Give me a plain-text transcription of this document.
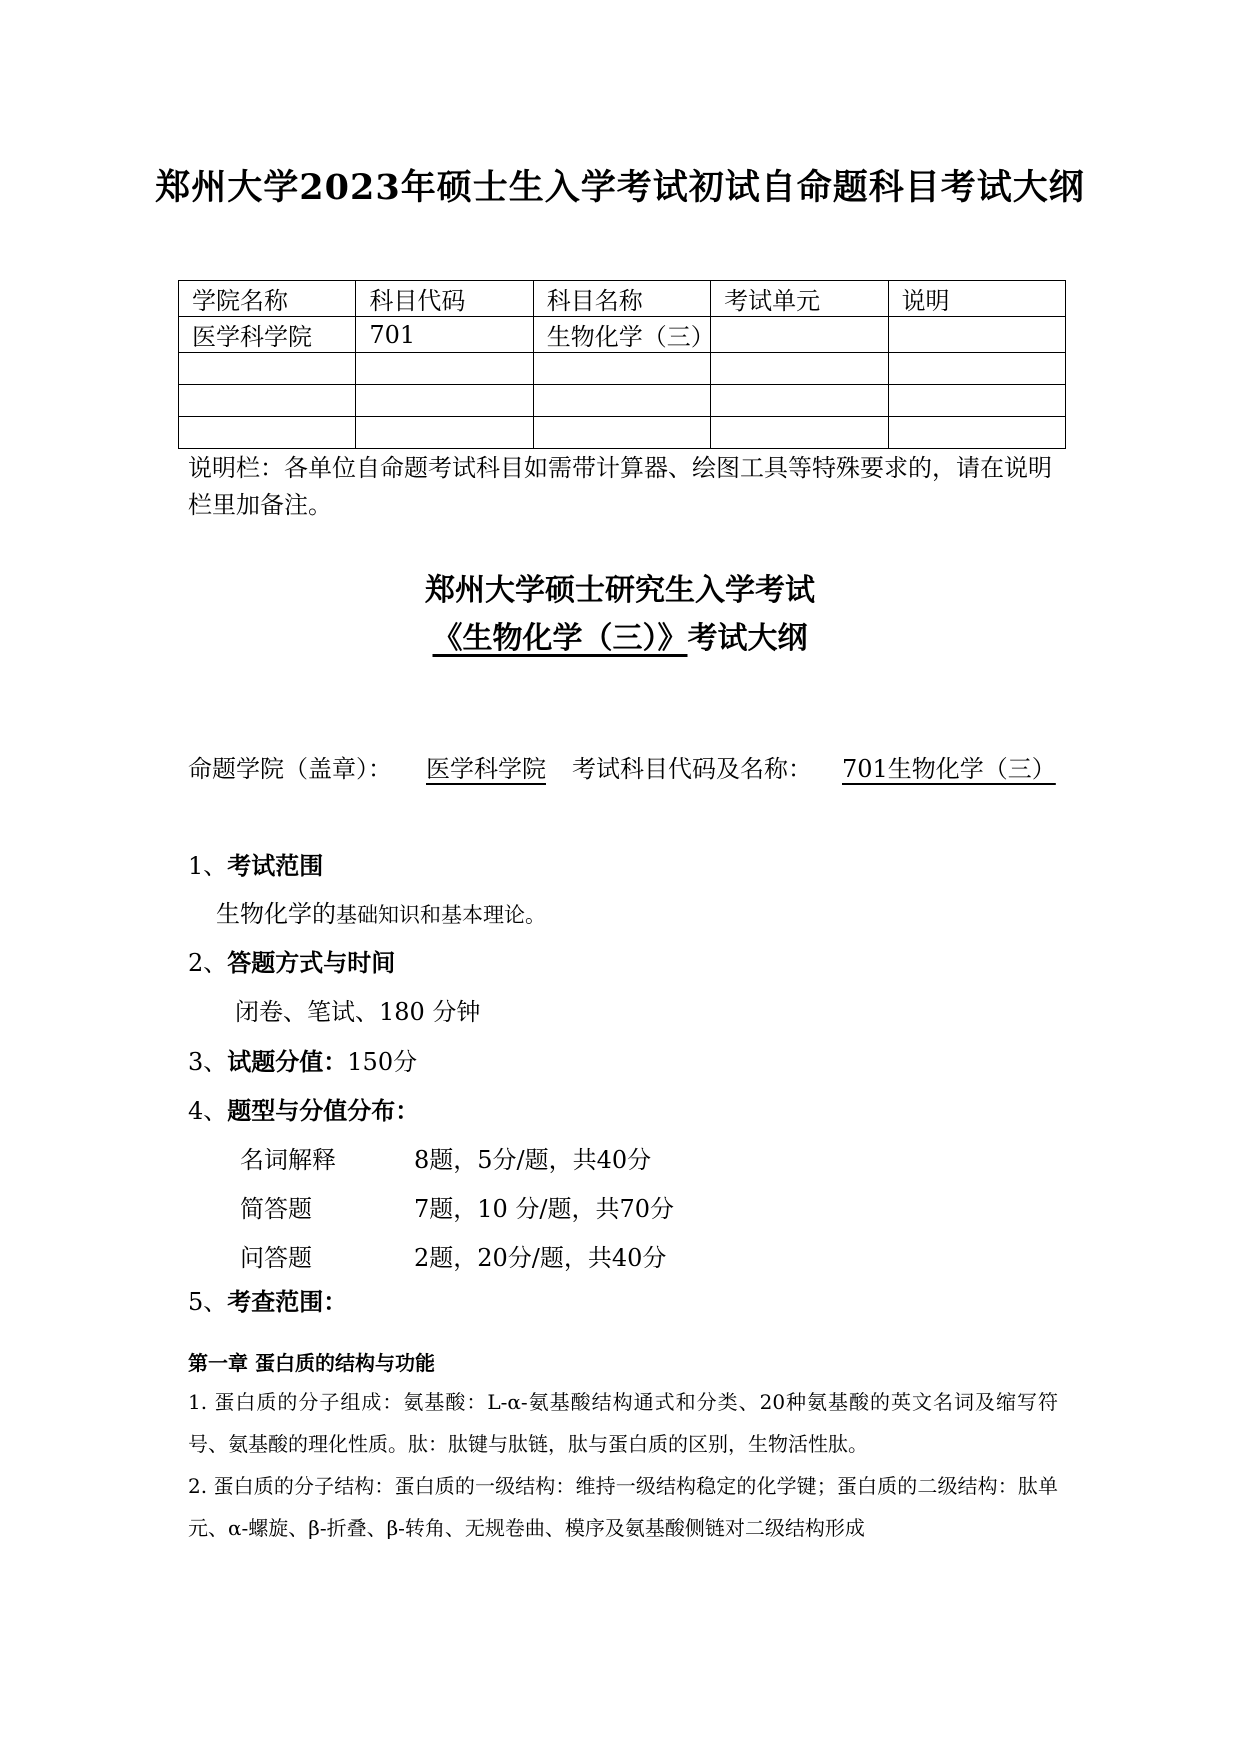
郑州大学2023年硕士生入学考试初试自命题科目考试大纲
学院名称	科目代码	科目名称	考试单元	说明
医学科学院	701	生物化学（三）		

说明栏：各单位自命题考试科目如需带计算器、绘图工具等特殊要求的，请在说明栏里加备注。
郑州大学硕士研究生入学考试
《生物化学（三）》考试大纲
命题学院（盖章）： 医学科学院 考试科目代码及名称： 701生物化学（三）
1、考试范围
生物化学的基础知识和基本理论。
2、答题方式与时间
闭卷、笔试、180 分钟
3、试题分值：150分
4、题型与分值分布：
名词解释	8题，5分/题，共40分
简答题	7题，10 分/题，共70分
问答题	2题，20分/题，共40分
5、考查范围：
第一章 蛋白质的结构与功能
1. 蛋白质的分子组成：氨基酸：L-α-氨基酸结构通式和分类、20种氨基酸的英文名词及缩写符号、氨基酸的理化性质。肽：肽键与肽链，肽与蛋白质的区别，生物活性肽。
2. 蛋白质的分子结构：蛋白质的一级结构：维持一级结构稳定的化学键；蛋白质的二级结构：肽单元、α-螺旋、β-折叠、β-转角、无规卷曲、模序及氨基酸侧链对二级结构形成
